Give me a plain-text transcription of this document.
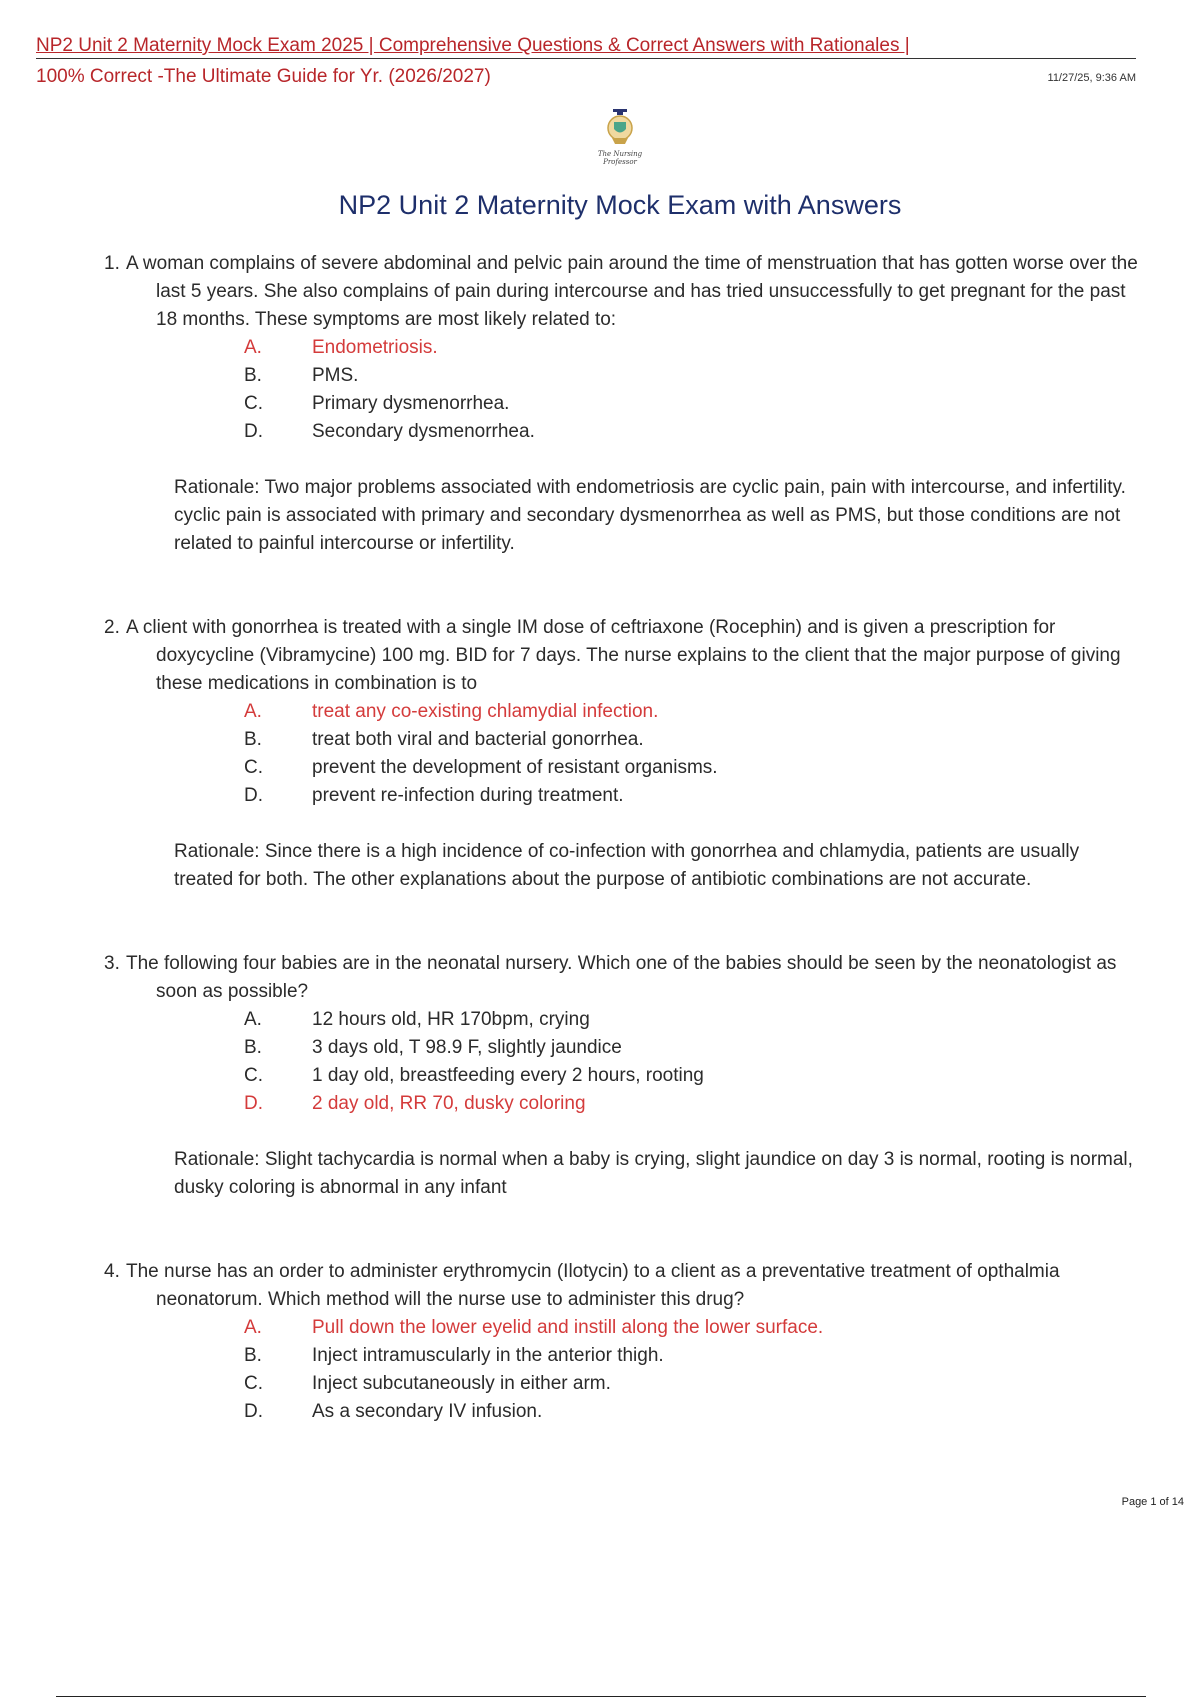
NP2 Unit 2 Maternity Mock Exam 2025 | Comprehensive Questions & Correct Answers with Rationales |
100% Correct -The Ultimate Guide for Yr. (2026/2027)	11/27/25, 9:36 AM
The Nursing Professor
NP2 Unit 2 Maternity Mock Exam with Answers
1. A woman complains of severe abdominal and pelvic pain around the time of menstruation that has gotten worse over the last 5 years. She also complains of pain during intercourse and has tried unsuccessfully to get pregnant for the past 18 months. These symptoms are most likely related to:
A.	Endometriosis.
B.	PMS.
C.	Primary dysmenorrhea.
D.	Secondary dysmenorrhea.
Rationale: Two major problems associated with endometriosis are cyclic pain, pain with intercourse, and infertility. cyclic pain is associated with primary and secondary dysmenorrhea as well as PMS, but those conditions are not related to painful intercourse or infertility.
2. A client with gonorrhea is treated with a single IM dose of ceftriaxone (Rocephin) and is given a prescription for doxycycline (Vibramycine) 100 mg. BID for 7 days. The nurse explains to the client that the major purpose of giving these medications in combination is to
A.	treat any co-existing chlamydial infection.
B.	treat both viral and bacterial gonorrhea.
C.	prevent the development of resistant organisms.
D.	prevent re-infection during treatment.
Rationale: Since there is a high incidence of co-infection with gonorrhea and chlamydia, patients are usually treated for both. The other explanations about the purpose of antibiotic combinations are not accurate.
3. The following four babies are in the neonatal nursery. Which one of the babies should be seen by the neonatologist as soon as possible?
A.	12 hours old, HR 170bpm, crying
B.	3 days old, T 98.9 F, slightly jaundice
C.	1 day old, breastfeeding every 2 hours, rooting
D.	2 day old, RR 70, dusky coloring
Rationale: Slight tachycardia is normal when a baby is crying, slight jaundice on day 3 is normal, rooting is normal, dusky coloring is abnormal in any infant
4. The nurse has an order to administer erythromycin (Ilotycin) to a client as a preventative treatment of opthalmia neonatorum. Which method will the nurse use to administer this drug?
A.	Pull down the lower eyelid and instill along the lower surface.
B.	Inject intramuscularly in the anterior thigh.
C.	Inject subcutaneously in either arm.
D.	As a secondary IV infusion.
Page 1 of 14
